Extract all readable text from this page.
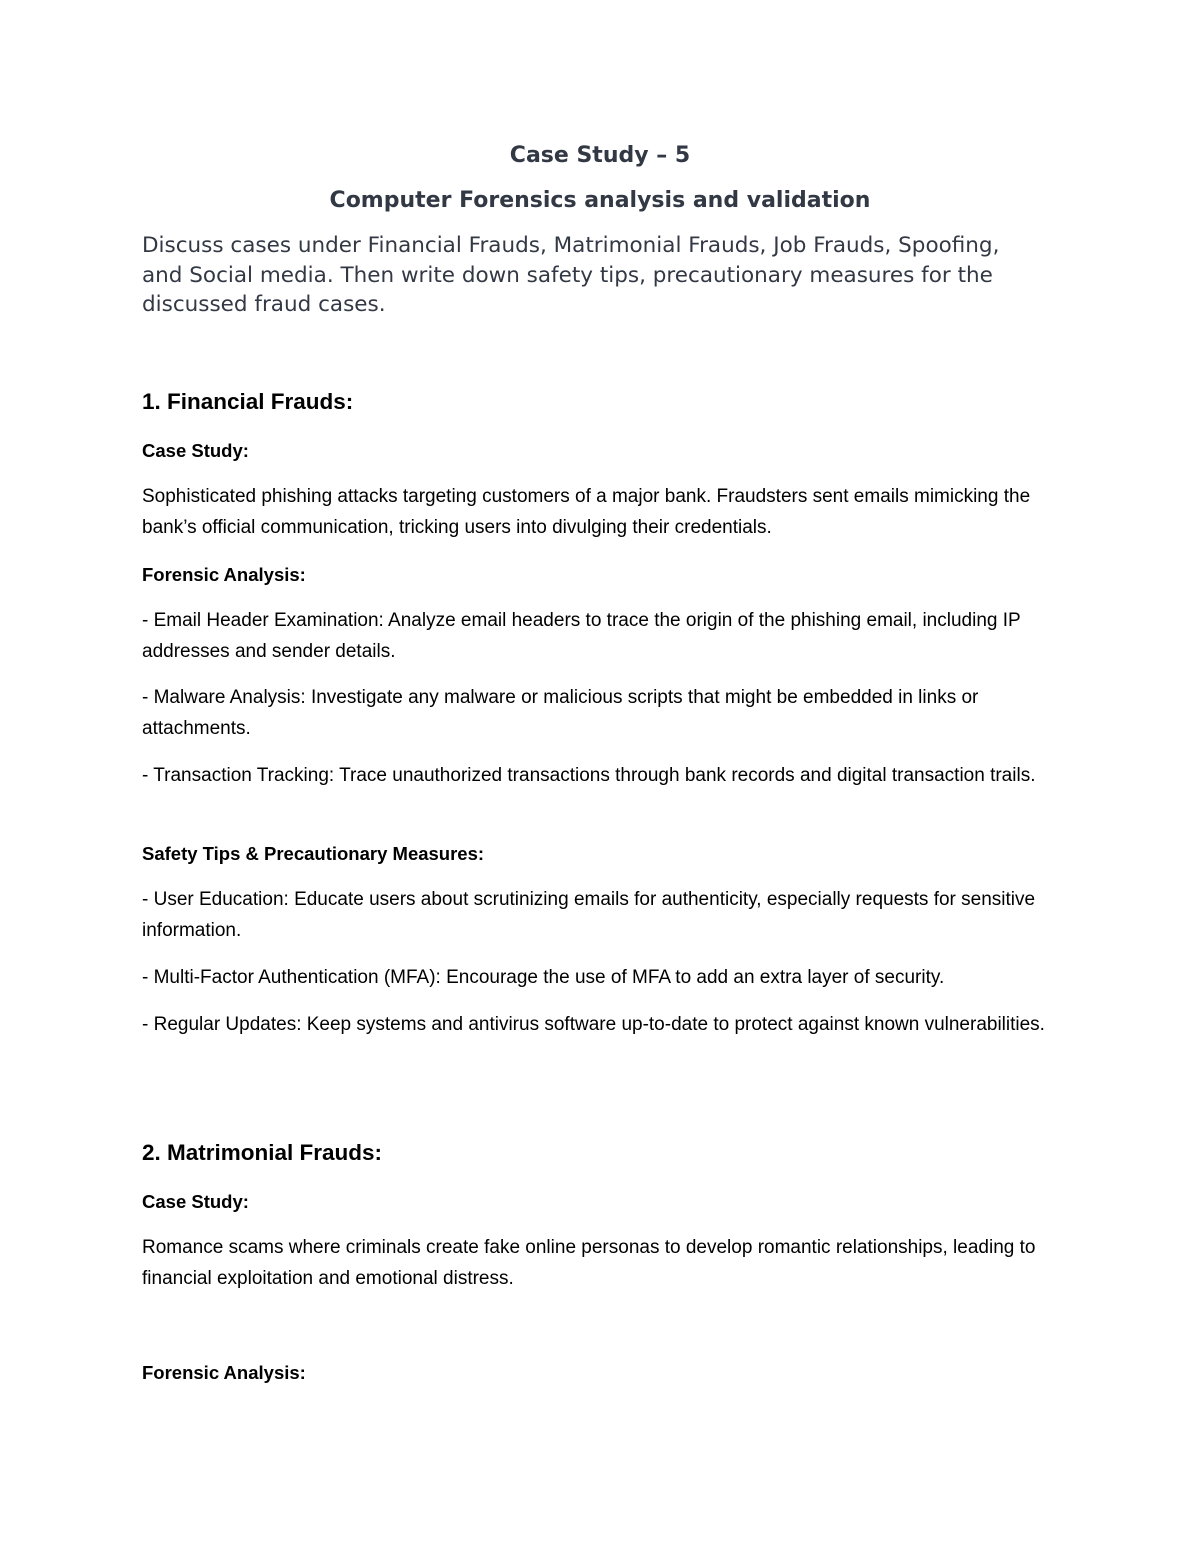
Case Study – 5
Computer Forensics analysis and validation

Discuss cases under Financial Frauds, Matrimonial Frauds, Job Frauds, Spoofing, and Social media. Then write down safety tips, precautionary measures for the discussed fraud cases.

1. Financial Frauds:
Case Study:

Sophisticated phishing attacks targeting customers of a major bank. Fraudsters sent emails mimicking the bank’s official communication, tricking users into divulging their credentials.

Forensic Analysis:

- Email Header Examination: Analyze email headers to trace the origin of the phishing email, including IP addresses and sender details.

- Malware Analysis: Investigate any malware or malicious scripts that might be embedded in links or attachments.

- Transaction Tracking: Trace unauthorized transactions through bank records and digital transaction trails.

Safety Tips & Precautionary Measures:

- User Education: Educate users about scrutinizing emails for authenticity, especially requests for sensitive information.

- Multi-Factor Authentication (MFA): Encourage the use of MFA to add an extra layer of security.

- Regular Updates: Keep systems and antivirus software up-to-date to protect against known vulnerabilities.

2. Matrimonial Frauds:
Case Study:

Romance scams where criminals create fake online personas to develop romantic relationships, leading to financial exploitation and emotional distress.

Forensic Analysis:
